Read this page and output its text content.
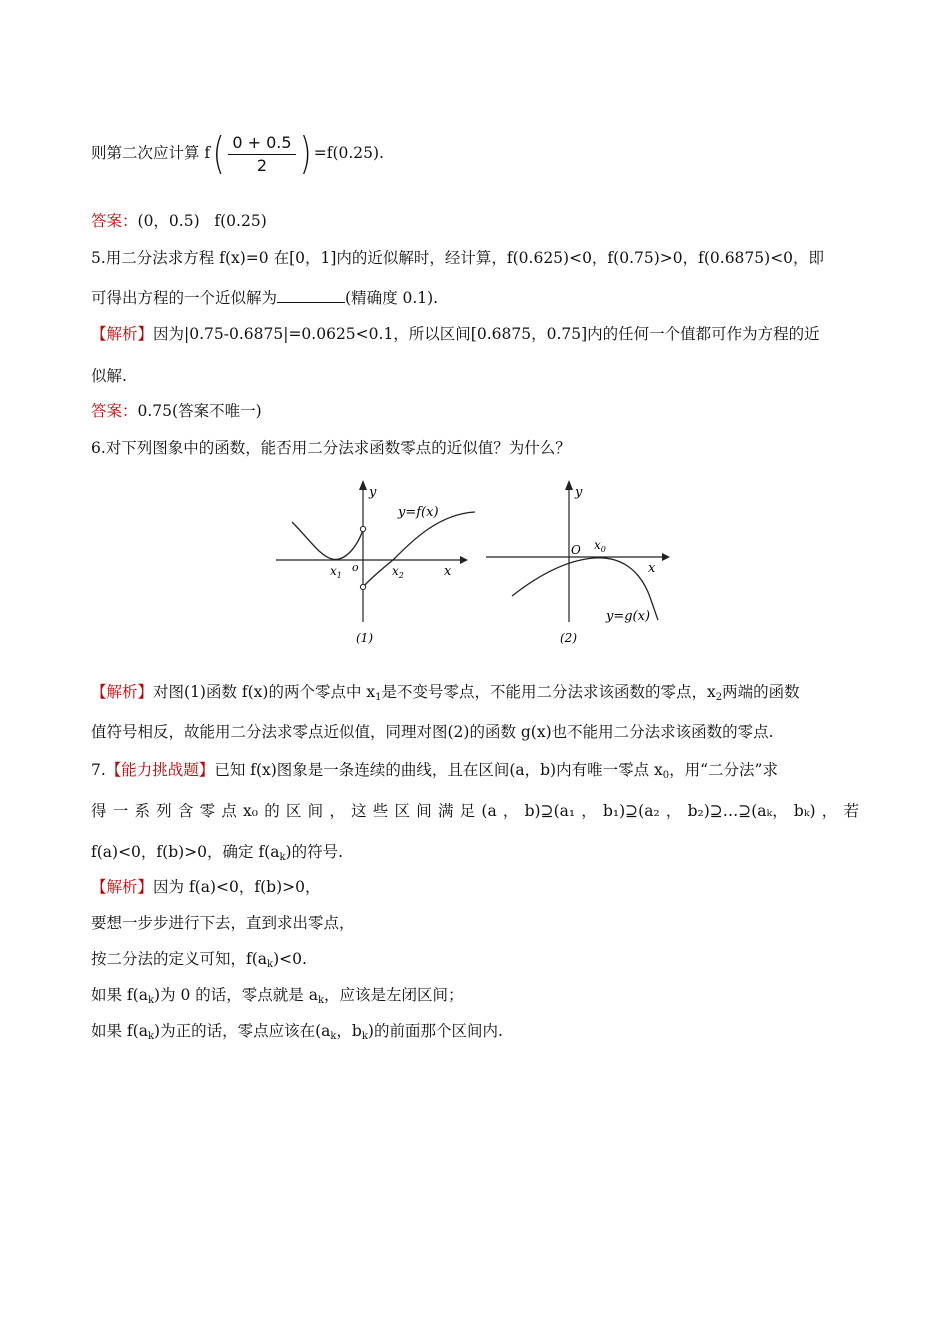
则第二次应计算 $f( \frac{0 + 0.5}{2}$ ) =f(0.25).
答案：(0，0.5)   f(0.25)
5.用二分法求方程 f(x)=0 在[0，1]内的近似解时，经计算，f(0.625)<0，f(0.75)>0，f(0.6875)<0，即
可得出方程的一个近似解为	(精确度 0.1).
【解析】因为|0.75-0.6875|=0.0625<0.1，所以区间[0.6875，0.75]内的任何一个值都可作为方程的近
似解.
答案：0.75(答案不唯一)
6.对下列图象中的函数，能否用二分法求函数零点的近似值？为什么？
y
y=f(x)
o
$x_1$	$x_2$	x
(1)
y
O $x_0$
x
y=g(x)
(2)
【解析】对图(1)函数 f(x)的两个零点中 $x_1$是不变号零点，不能用二分法求该函数的零点，$x_2$两端的函数
值符号相反，故能用二分法求零点近似值，同理对图(2)的函数 g(x)也不能用二分法求该函数的零点.
7.【能力挑战题】已知 f(x)图象是一条连续的曲线，且在区间(a，b)内有唯一零点 $x_0$，用“二分法”求
得 一 系 列 含 零 点 x₀ 的 区 间 ， 这 些 区 间 满 足 (a ， b)⊇(a₁ ， b₁)⊇(a₂ ， b₂)⊇…⊇(aₖ， bₖ) ， 若
f(a)<0，f(b)>0，确定 $f(a_k)$的符号.
【解析】因为 f(a)<0，f(b)>0，
要想一步步进行下去，直到求出零点，
按二分法的定义可知，$f(a_k)<0$.
如果 $f(a_k)$为 0 的话，零点就是 $a_k$，应该是左闭区间；
如果 $f(a_k)$为正的话，零点应该在($a_k$，$b_k$)的前面那个区间内.
